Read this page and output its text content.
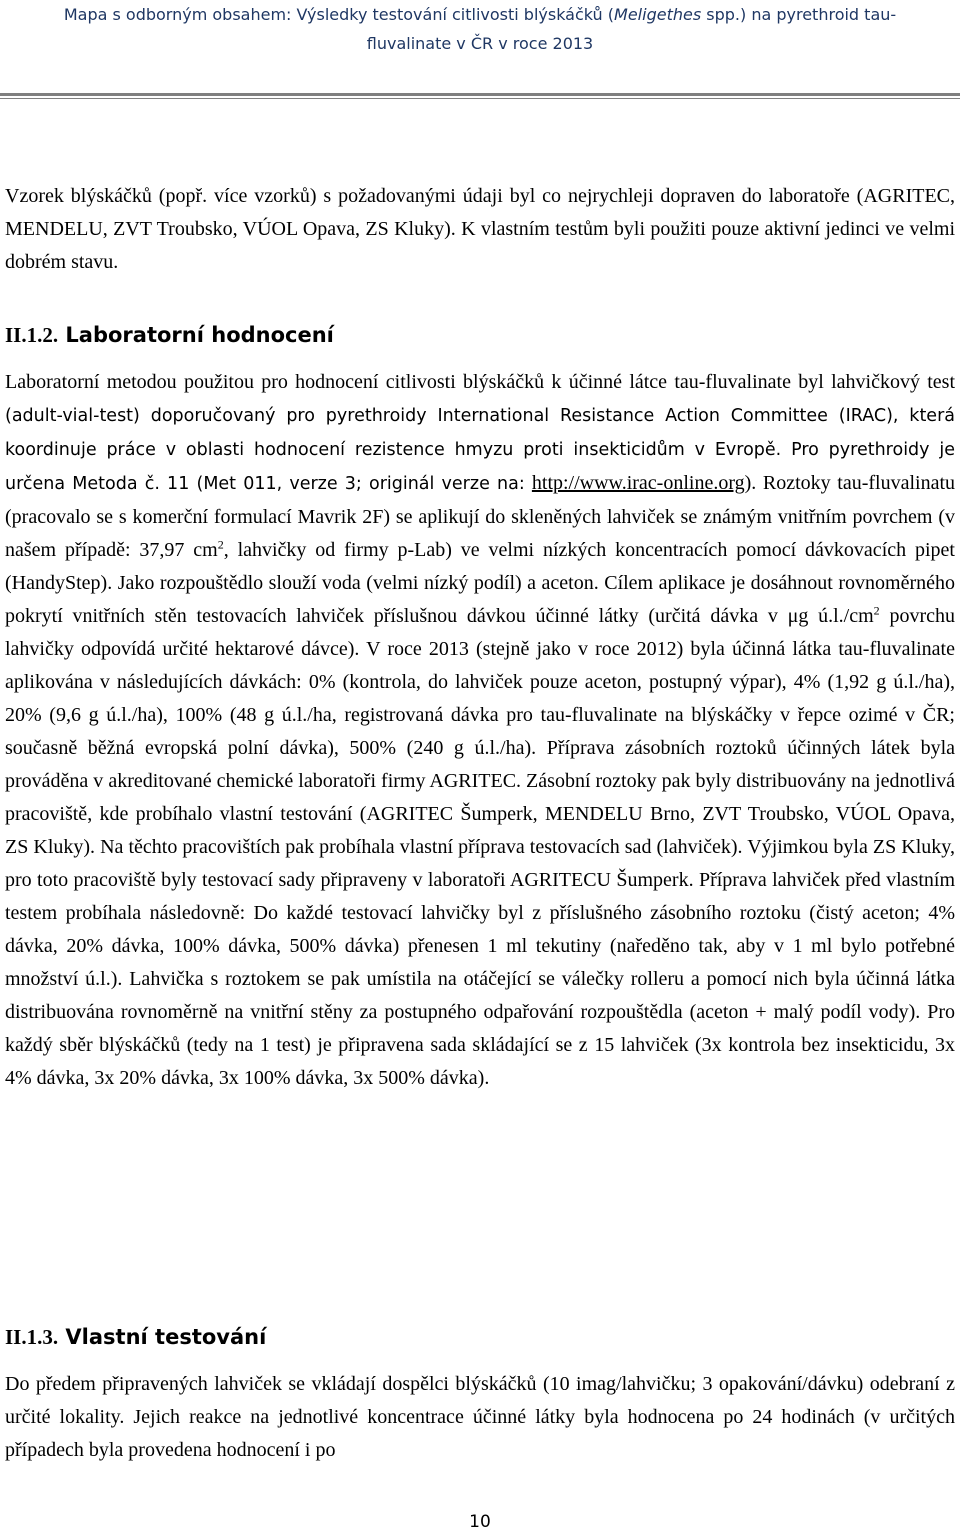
Mapa s odborným obsahem: Výsledky testování citlivosti blýskáčků (Meligethes spp.) na pyrethroid tau-
fluvalinate v ČR v roce 2013

Vzorek blýskáčků (popř. více vzorků) s požadovanými údaji byl co nejrychleji dopraven do laboratoře (AGRITEC, MENDELU, ZVT Troubsko, VÚOL Opava, ZS Kluky). K vlastním testům byli použiti pouze aktivní jedinci ve velmi dobrém stavu.

II.1.2. Laboratorní hodnocení

Laboratorní metodou použitou pro hodnocení citlivosti blýskáčků k účinné látce tau-fluvalinate byl lahvičkový test (adult-vial-test) doporučovaný pro pyrethroidy International Resistance Action Committee (IRAC), která koordinuje práce v oblasti hodnocení rezistence hmyzu proti insekticidům v Evropě. Pro pyrethroidy je určena Metoda č. 11 (Met 011, verze 3; originál verze na: http://www.irac-online.org). Roztoky tau-fluvalinatu (pracovalo se s komerční formulací Mavrik 2F) se aplikují do skleněných lahviček se známým vnitřním povrchem (v našem případě: 37,97 $cm^2$, lahvičky od firmy p-Lab) ve velmi nízkých koncentracích pomocí dávkovacích pipet (HandyStep). Jako rozpouštědlo slouží voda (velmi nízký podíl) a aceton. Cílem aplikace je dosáhnout rovnoměrného pokrytí vnitřních stěn testovacích lahviček příslušnou dávkou účinné látky (určitá dávka v μg $ú.l./cm^2$ povrchu lahvičky odpovídá určité hektarové dávce). V roce 2013 (stejně jako v roce 2012) byla účinná látka tau-fluvalinate aplikována v následujících dávkách: 0% (kontrola, do lahviček pouze aceton, postupný výpar), 4% (1,92 g ú.l./ha), 20% (9,6 g ú.l./ha), 100% (48 g ú.l./ha, registrovaná dávka pro tau-fluvalinate na blýskáčky v řepce ozimé v ČR; současně běžná evropská polní dávka), 500% (240 g ú.l./ha). Příprava zásobních roztoků účinných látek byla prováděna v akreditované chemické laboratoři firmy AGRITEC. Zásobní roztoky pak byly distribuovány na jednotlivá pracoviště, kde probíhalo vlastní testování (AGRITEC Šumperk, MENDELU Brno, ZVT Troubsko, VÚOL Opava, ZS Kluky). Na těchto pracovištích pak probíhala vlastní příprava testovacích sad (lahviček). Výjimkou byla ZS Kluky, pro toto pracoviště byly testovací sady připraveny v laboratoři AGRITECU Šumperk. Příprava lahviček před vlastním testem probíhala následovně: Do každé testovací lahvičky byl z příslušného zásobního roztoku (čistý aceton; 4% dávka, 20% dávka, 100% dávka, 500% dávka) přenesen 1 ml tekutiny (naředěno tak, aby v 1 ml bylo potřebné množství ú.l.). Lahvička s roztokem se pak umístila na otáčející se válečky rolleru a pomocí nich byla účinná látka distribuována rovnoměrně na vnitřní stěny za postupného odpařování rozpouštědla (aceton + malý podíl vody). Pro každý sběr blýskáčků (tedy na 1 test) je připravena sada skládající se z 15 lahviček (3x kontrola bez insekticidu, 3x 4% dávka, 3x 20% dávka, 3x 100% dávka, 3x 500% dávka).

II.1.3. Vlastní testování

Do předem připravených lahviček se vkládají dospělci blýskáčků (10 imag/lahvičku; 3 opakování/dávku) odebraní z určité lokality. Jejich reakce na jednotlivé koncentrace účinné látky byla hodnocena po 24 hodinách (v určitých případech byla provedena hodnocení i po

10
